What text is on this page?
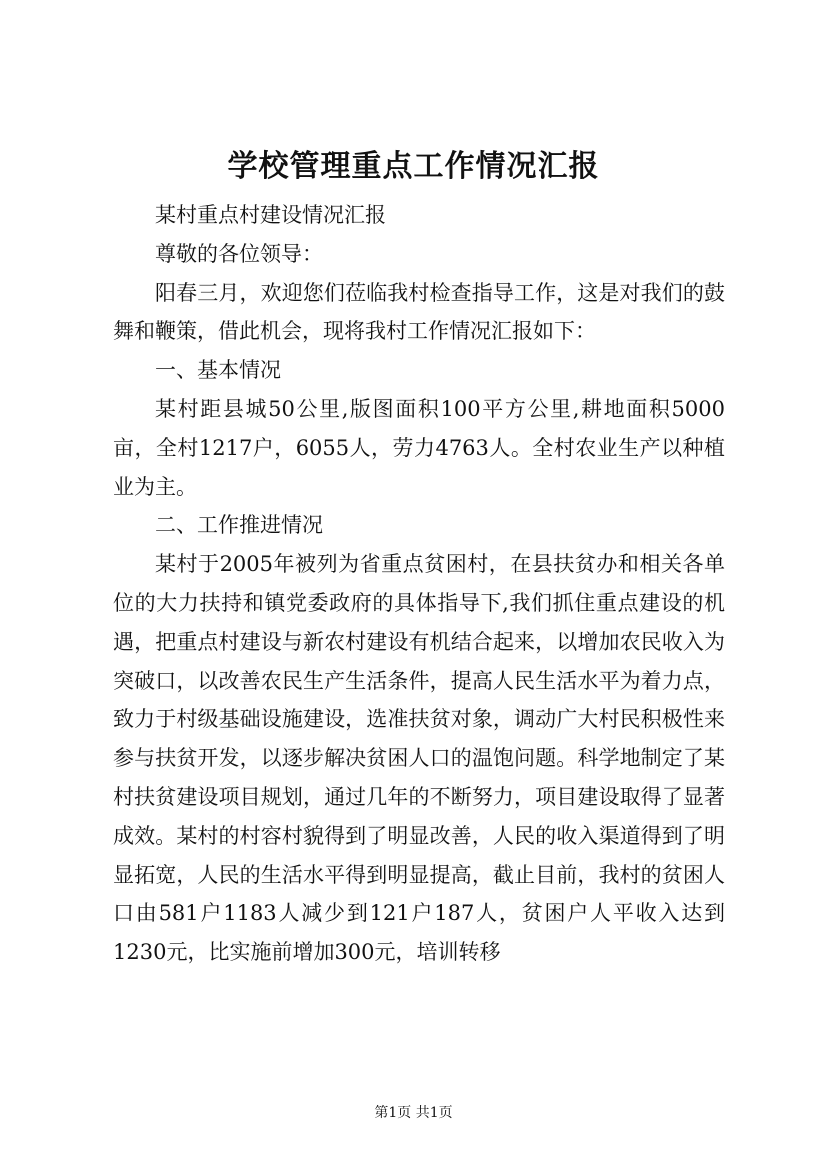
学校管理重点工作情况汇报

某村重点村建设情况汇报

尊敬的各位领导：

阳春三月，欢迎您们莅临我村检查指导工作，这是对我们的鼓舞和鞭策，借此机会，现将我村工作情况汇报如下：

一、基本情况

某村距县城50公里,版图面积100平方公里,耕地面积5000亩，全村1217户，6055人，劳力4763人。全村农业生产以种植业为主。

二、工作推进情况

某村于2005年被列为省重点贫困村，在县扶贫办和相关各单位的大力扶持和镇党委政府的具体指导下,我们抓住重点建设的机遇，把重点村建设与新农村建设有机结合起来，以增加农民收入为突破口，以改善农民生产生活条件，提高人民生活水平为着力点，致力于村级基础设施建设，选准扶贫对象，调动广大村民积极性来参与扶贫开发，以逐步解决贫困人口的温饱问题。科学地制定了某村扶贫建设项目规划，通过几年的不断努力，项目建设取得了显著成效。某村的村容村貌得到了明显改善，人民的收入渠道得到了明显拓宽，人民的生活水平得到明显提高，截止目前，我村的贫困人口由581户1183人减少到121户187人，贫困户人平收入达到1230元，比实施前增加300元，培训转移

第1页 共1页
